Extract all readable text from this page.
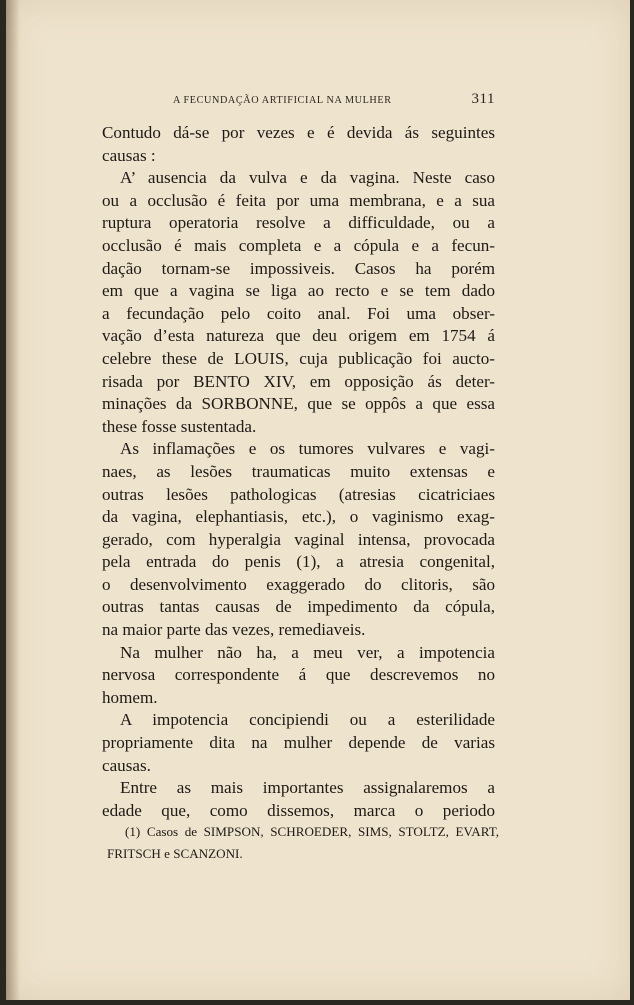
A FECUNDAÇÃO ARTIFICIAL NA MULHER	311
Contudo dá-se por vezes e é devida ás seguintes
causas :
A’ ausencia da vulva e da vagina. Neste caso
ou a occlusão é feita por uma membrana, e a sua
ruptura operatoria resolve a difficuldade, ou a
occlusão é mais completa e a cópula e a fecun-
dação tornam-se impossiveis. Casos ha porém
em que a vagina se liga ao recto e se tem dado
a fecundação pelo coito anal. Foi uma obser-
vação d’esta natureza que deu origem em 1754 á
celebre these de LOUIS, cuja publicação foi aucto-
risada por BENTO XIV, em opposição ás deter-
minações da SORBONNE, que se oppôs a que essa
these fosse sustentada.
As inflamações e os tumores vulvares e vagi-
naes, as lesões traumaticas muito extensas e
outras lesões pathologicas (atresias cicatriciaes
da vagina, elephantiasis, etc.), o vaginismo exag-
gerado, com hyperalgia vaginal intensa, provocada
pela entrada do penis (1), a atresia congenital,
o desenvolvimento exaggerado do clitoris, são
outras tantas causas de impedimento da cópula,
na maior parte das vezes, remediaveis.
Na mulher não ha, a meu ver, a impotencia
nervosa correspondente á que descrevemos no
homem.
A impotencia concipiendi ou a esterilidade
propriamente dita na mulher depende de varias
causas.
Entre as mais importantes assignalaremos a
edade que, como dissemos, marca o periodo
(1) Casos de SIMPSON, SCHROEDER, SIMS, STOLTZ, EVART,
FRITSCH e SCANZONI.
